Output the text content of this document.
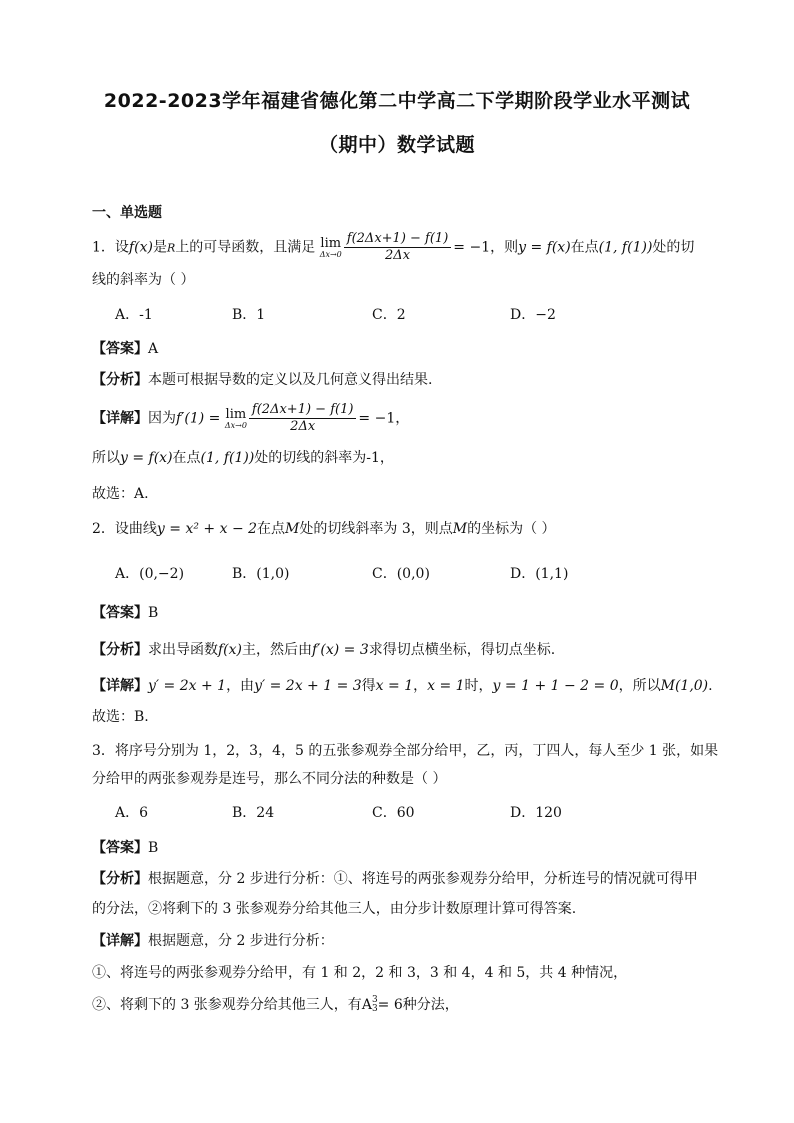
2022-2023学年福建省德化第二中学高二下学期阶段学业水平测试
（期中）数学试题
一、单选题
1．设f(x)是R上的可导函数，且满足 lim
$\Delta x\to 0 \frac{f(2\Delta x+1) - f(1)}{2\Delta x} = -1$，则y = f(x)在点(1, f(1))处的切
线的斜率为（ ）
A．-1	B．1	C．2	D．−2
【答案】A
【分析】本题可根据导数的定义以及几何意义得出结果.
【详解】因为f′(1) = lim
$\Delta x\to 0 \frac{f(2\Delta x+1) - f(1)}{2\Delta x} = -1$，
所以y = f(x)在点(1, f(1))处的切线的斜率为-1，
故选：A.
2．设曲线y = x² + x − 2在点M处的切线斜率为 3，则点M的坐标为（ ）
A．(0,−2)	B．(1,0)	C．(0,0)	D．(1,1)
【答案】B
【分析】求出导函数f(x)主，然后由f′(x) = 3求得切点横坐标，得切点坐标.
【详解】y′ = 2x + 1，由y′ = 2x + 1 = 3得x = 1，x = 1时，y = 1 + 1 − 2 = 0，所以M(1,0).
故选：B.
3．将序号分别为 1，2，3，4，5 的五张参观券全部分给甲，乙，丙，丁四人，每人至少 1 张，如果
分给甲的两张参观券是连号，那么不同分法的种数是（ ）
A．6	B．24	C．60	D．120
【答案】B
【分析】根据题意，分 2 步进行分析：①、将连号的两张参观券分给甲，分析连号的情况就可得甲
的分法，②将剩下的 3 张参观券分给其他三人，由分步计数原理计算可得答案.
【详解】根据题意，分 2 步进行分析：
①、将连号的两张参观券分给甲，有 1 和 2，2 和 3，3 和 4，4 和 5，共 4 种情况，
②、将剩下的 3 张参观券分给其他三人，有A 3
3 = 6种分法，
